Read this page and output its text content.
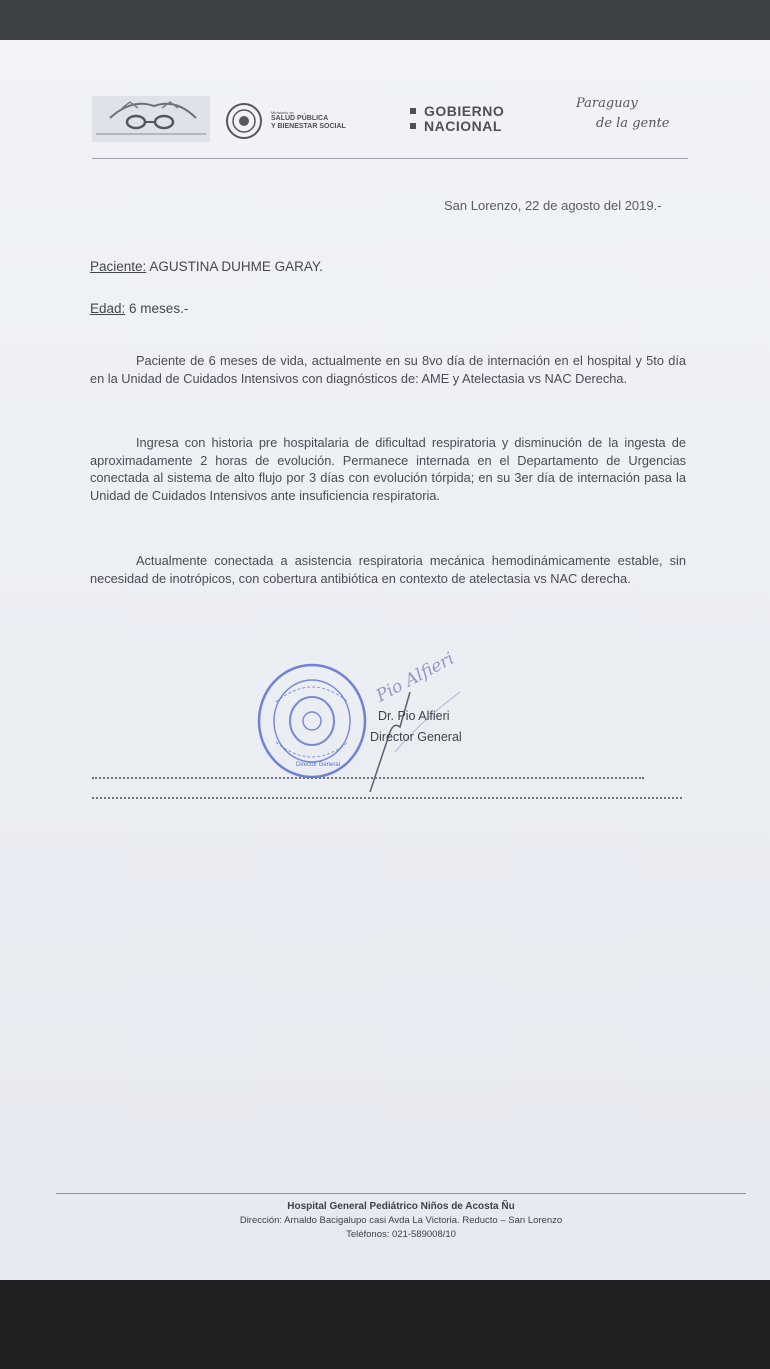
Ministerio de
SALUD PÚBLICA
Y BIENESTAR SOCIAL
GOBIERNO
NACIONAL
Paraguay
de la gente
San Lorenzo, 22 de agosto del 2019.-
Paciente: AGUSTINA DUHME GARAY.
Edad: 6 meses.-

Paciente de 6 meses de vida, actualmente en su 8vo día de internación en el hospital y 5to día en la Unidad de Cuidados Intensivos con diagnósticos de: AME y Atelectasia vs NAC Derecha.

Ingresa con historia pre hospitalaria de dificultad respiratoria y disminución de la ingesta de aproximadamente 2 horas de evolución. Permanece internada en el Departamento de Urgencias conectada al sistema de alto flujo por 3 días con evolución tórpida; en su 3er día de internación pasa la Unidad de Cuidados Intensivos ante insuficiencia respiratoria.

Actualmente conectada a asistencia respiratoria mecánica hemodinámicamente estable, sin necesidad de inotrópicos, con cobertura antibiótica en contexto de atelectasia vs NAC derecha.

Director General
Pio Alfieri
Dr. Pio Alfieri
Director General
Hospital General Pediátrico Niños de Acosta Ñu
Dirección: Arnaldo Bacigalupo casi Avda La Victoria. Reducto – San Lorenzo
Teléfonos: 021-589008/10
